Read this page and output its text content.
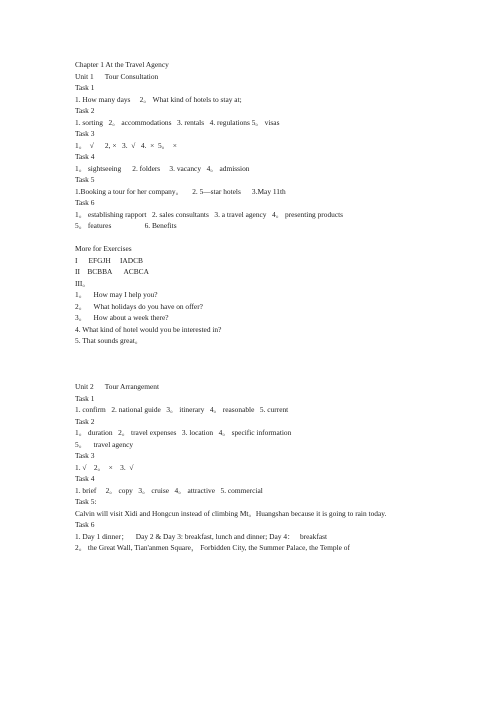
Chapter 1 At the Travel Agency
Unit 1      Tour Consultation
Task 1
1. How many days     2。 What kind of hotels to stay at;
Task 2
1. sorting   2。 accommodations   3. rentals   4. regulations 5。 visas
Task 3
1。  √      2, ×   3.  √   4.  ×  5。  ×
Task 4
1。 sightseeing      2. folders     3. vacancy   4。 admission
Task 5
1.Booking a tour for her company。     2. 5—star hotels      3.May 11th
Task 6
1。 establishing rapport   2. sales consultants   3. a travel agency   4。 presenting products
5。 features                  6. Benefits
More for Exercises
I      EFGJH     IADCB
II    BCBBA      ACBCA
III。
1。    How may I help you?
2。    What holidays do you have on offer?
3。    How about a week there?
4. What kind of hotel would you be interested in?
5. That sounds great。
Unit 2      Tour Arrangement
Task 1
1. confirm   2. national guide   3。 itinerary   4。 reasonable   5. current
Task 2
1。 duration   2。 travel expenses   3. location   4。 specific information
5。    travel agency
Task 3
1. √    2。  ×    3.  √
Task 4
1. brief     2。 copy   3。 cruise   4。 attractive   5. commercial
Task 5:
Calvin will visit Xidi and Hongcun instead of climbing Mt。Huangshan because it is going to rain today.
Task 6
1. Day 1 dinner；    Day 2 & Day 3: breakfast, lunch and dinner; Day 4：   breakfast
2。 the Great Wall, Tian'anmen Square， Forbidden City, the Summer Palace, the Temple of
